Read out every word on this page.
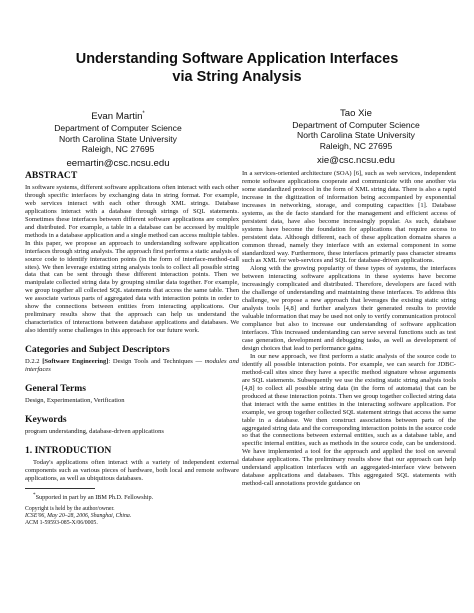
Understanding Software Application Interfaces
via String Analysis
Evan Martin*
Department of Computer Science
North Carolina State University
Raleigh, NC 27695
eemartin@csc.ncsu.edu
Tao Xie
Department of Computer Science
North Carolina State University
Raleigh, NC 27695
xie@csc.ncsu.edu
ABSTRACT

In software systems, different software applications often interact with each other through specific interfaces by exchanging data in string format. For example, web services interact with each other through XML strings. Database applications interact with a database through strings of SQL statements. Sometimes these interfaces between different software applications are complex and distributed. For example, a table in a database can be accessed by multiple methods in a database application and a single method can access multiple tables. In this paper, we propose an approach to understanding software application interfaces through string analysis. The approach first performs a static analysis of source code to identify interaction points (in the form of interface-method-call sites). We then leverage existing string analysis tools to collect all possible string data that can be sent through these different interaction points. Then we manipulate collected string data by grouping similar data together. For example, we group together all collected SQL statements that access the same table. Then we associate various parts of aggregated data with interaction points in order to show the connections between entities from interacting applications. Our preliminary results show that the approach can help us understand the characteristics of interactions between database applications and databases. We also identify some challenges in this approach for our future work.

Categories and Subject Descriptors

D.2.2 [Software Engineering]: Design Tools and Techniques — modules and interfaces

General Terms

Design, Experimentation, Verification

Keywords

program understanding, database-driven applications

1. INTRODUCTION

Today's applications often interact with a variety of independent external components such as various pieces of hardware, both local and remote software applications, as well as ubiquitous databases.

*Supported in part by an IBM Ph.D. Fellowship.

Copyright is held by the author/owner.

ICSE'06, May 20–28, 2006, Shanghai, China.

ACM 1-59593-085-X/06/0005.

In a services-oriented architecture (SOA) [6], such as web services, independent remote software applications cooperate and communicate with one another via some standardized protocol in the form of XML string data. There is also a rapid increase in the digitization of information being accompanied by exponential increases in networking, storage, and computing capacities [1]. Database systems, as the de facto standard for the management and efficient access of persistent data, have also become increasingly popular. As such, database systems have become the foundation for applications that require access to persistent data. Although different, each of these application domains shares a common thread, namely they interface with an external component in some standardized way. Furthermore, these interfaces primarily pass character streams such as XML for web-services and SQL for database-driven applications.

Along with the growing popularity of these types of systems, the interfaces between interacting software applications in these systems have become increasingly complicated and distributed. Therefore, developers are faced with the challenge of understanding and maintaining these interfaces. To address this challenge, we propose a new approach that leverages the existing static string analysis tools [4,8] and further analyzes their generated results to provide valuable information that may be used not only to verify communication protocol compliance but also to increase our understanding of software application interfaces. This increased understanding can serve several functions such as test case generation, development and debugging tasks, as well as development of design choices that lead to performance gains.

In our new approach, we first perform a static analysis of the source code to identify all possible interaction points. For example, we can search for JDBC-method-call sites since they have a specific method signature whose arguments are SQL statements. Subsequently we use the existing static string analysis tools [4,8] to collect all possible string data (in the form of automata) that can be produced at these interaction points. Then we group together collected string data that interact with the same entities in the interacting software application. For example, we group together collected SQL statement strings that access the same table in a database. We then construct associations between parts of the aggregated string data and the corresponding interaction points in the source code so that the connections between external entities, such as a database table, and specific internal entities, such as methods in the source code, can be understood. We have implemented a tool for the approach and applied the tool on several database applications. The preliminary results show that our approach can help understand application interfaces with an aggregated-interface view between database applications and databases. This aggregated SQL statements with method-call annotations provide guidance on
